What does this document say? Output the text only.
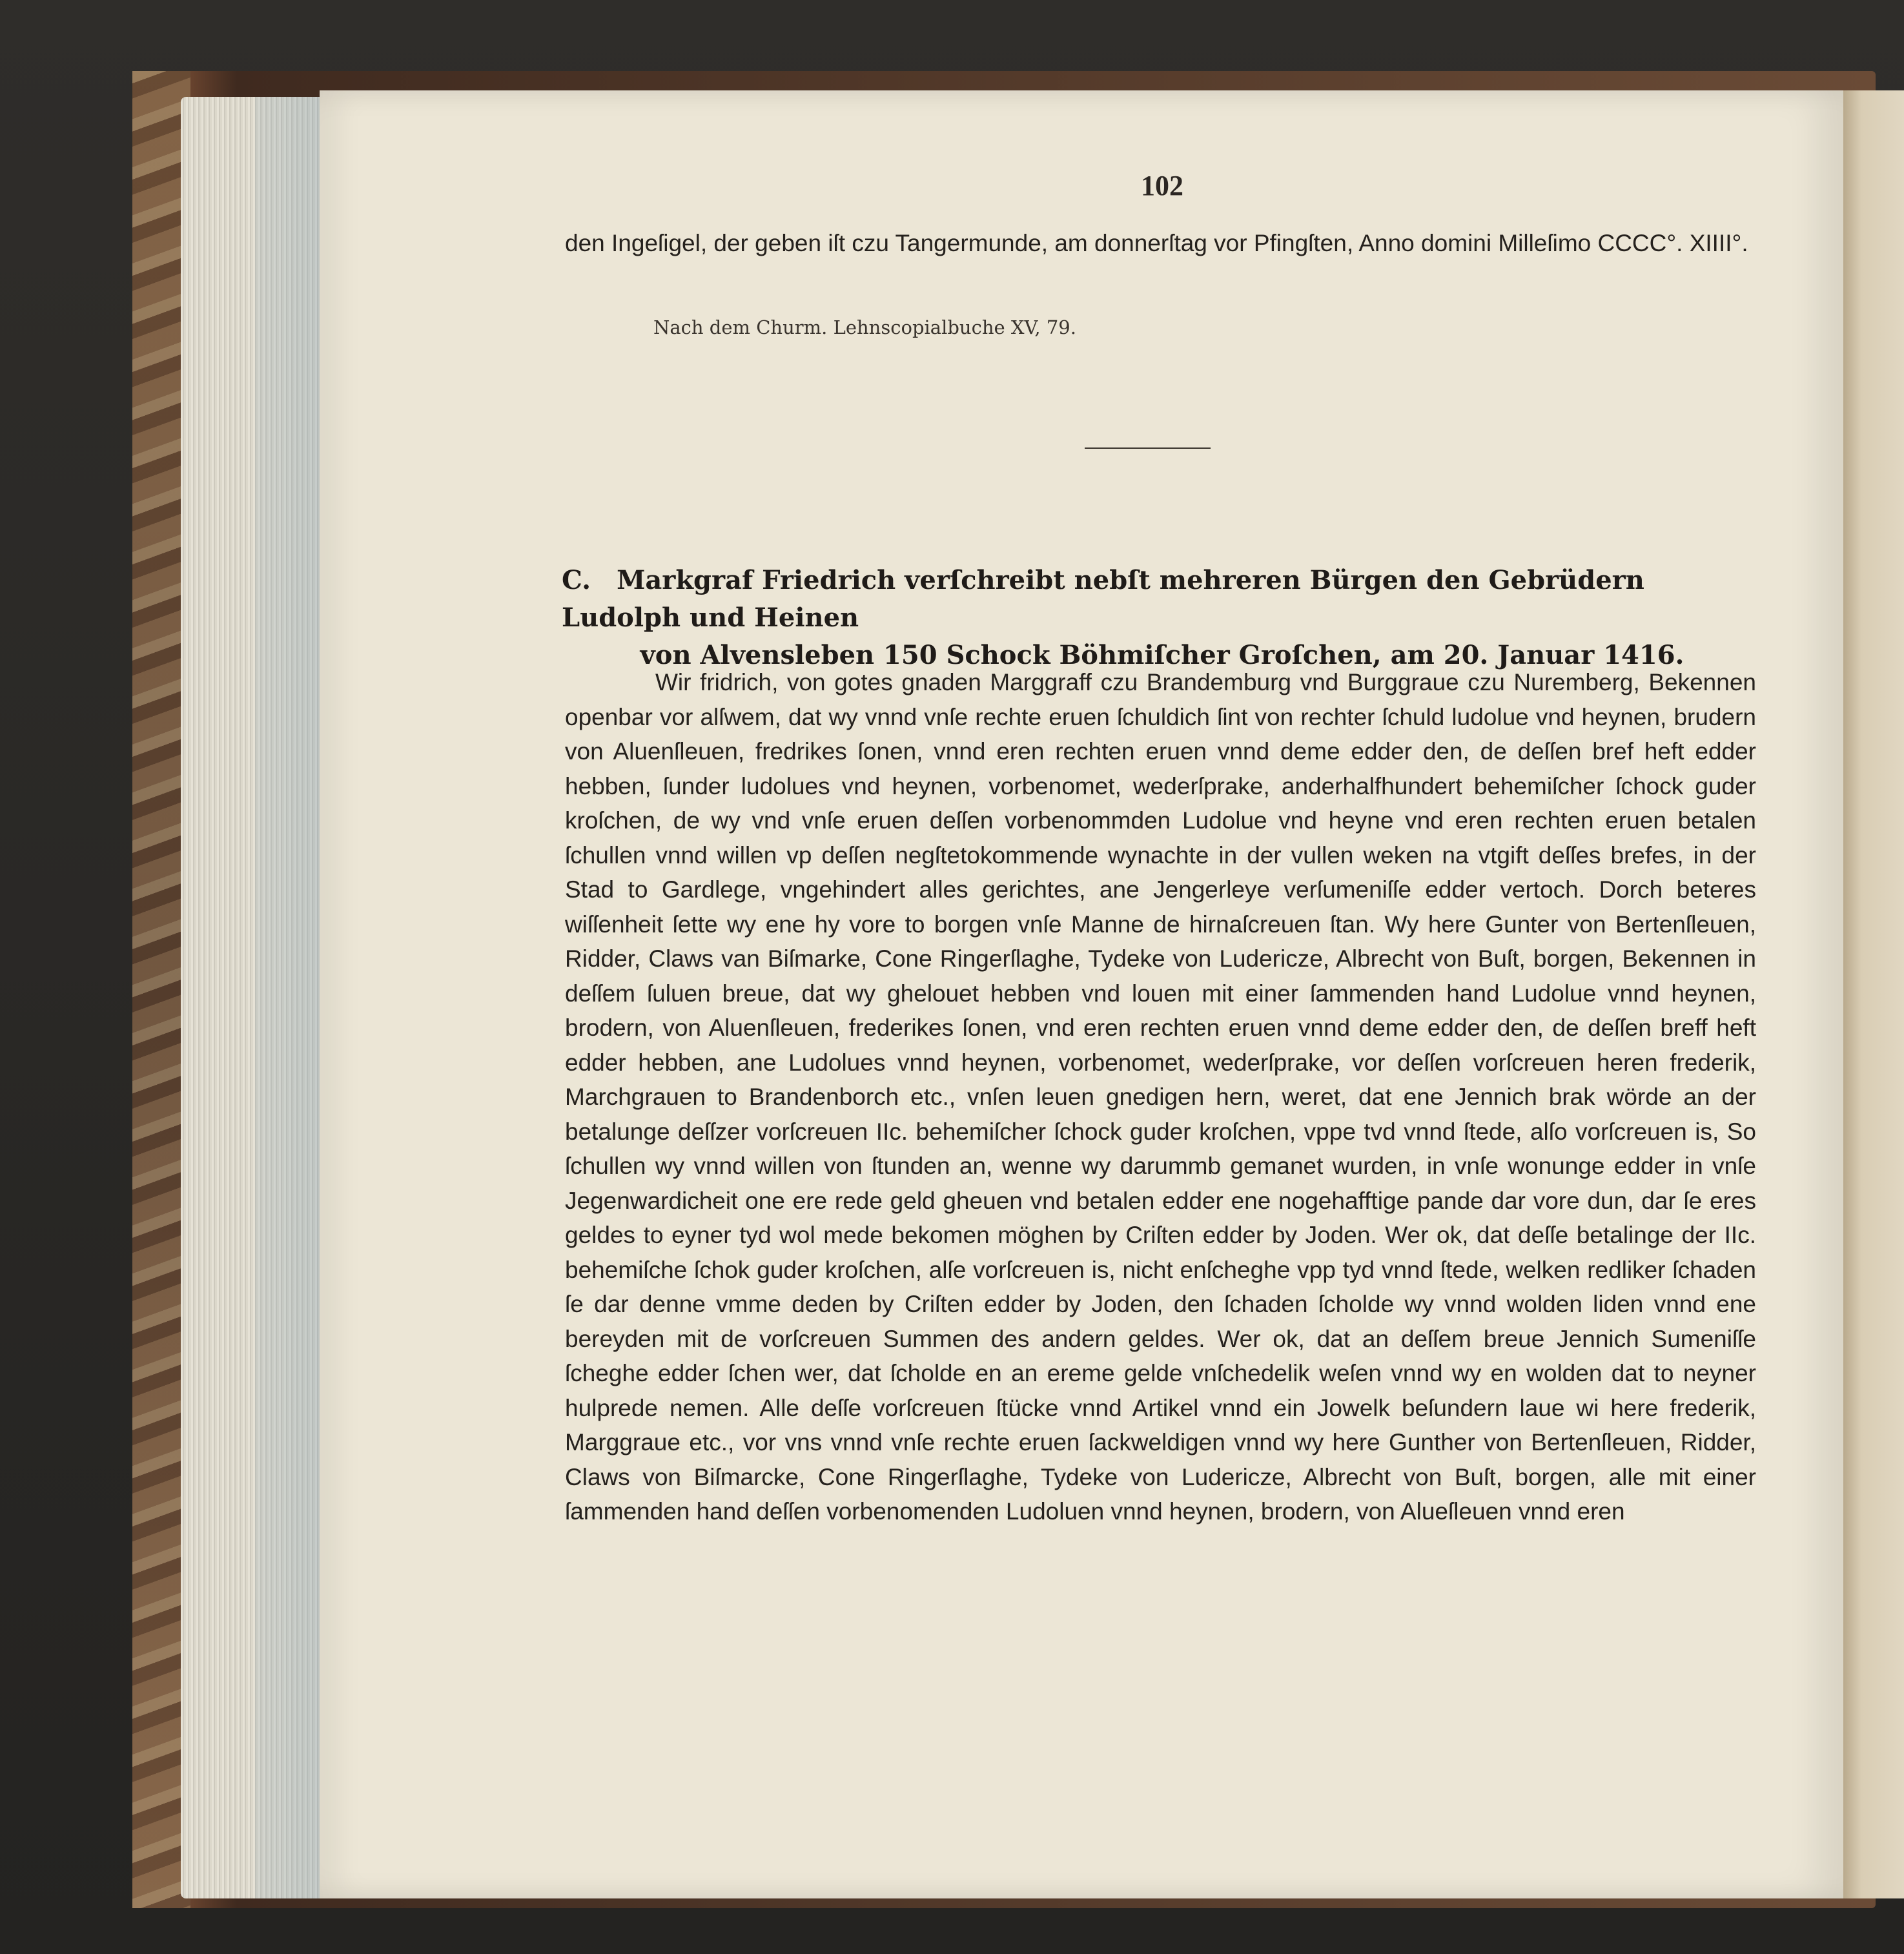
102
den Ingeſigel, der geben iſt czu Tangermunde, am donnerſtag vor Pfingſten, Anno domini Milleſimo CCCC°. XIIII°.
Nach dem Churm. Lehnscopialbuche XV, 79.
C. Markgraf Friedrich verſchreibt nebſt mehreren Bürgen den Gebrüdern Ludolph und Heinen
von Alvensleben 150 Schock Böhmiſcher Groſchen, am 20. Januar 1416.

Wir fridrich, von gotes gnaden Marggraff czu Brandemburg vnd Burggraue czu Nuremberg, Bekennen openbar vor alſwem, dat wy vnnd vnſe rechte eruen ſchuldich ſint von rechter ſchuld ludolue vnd heynen, brudern von Aluenſleuen, fredrikes ſonen, vnnd eren rechten eruen vnnd deme edder den, de deſſen bref heft edder hebben, ſunder ludolues vnd heynen, vorbenomet, wederſprake, anderhalfhundert behemiſcher ſchock guder kroſchen, de wy vnd vnſe eruen deſſen vorbenommden Ludolue vnd heyne vnd eren rechten eruen betalen ſchullen vnnd willen vp deſſen negſtetokommende wynachte in der vullen weken na vtgift deſſes brefes, in der Stad to Gardlege, vngehindert alles gerichtes, ane Jengerleye verſumeniſſe edder vertoch. Dorch beteres wiſſenheit ſette wy ene hy vore to borgen vnſe Manne de hirnaſcreuen ſtan. Wy here Gunter von Bertenſleuen, Ridder, Claws van Biſmarke, Cone Ringerſlaghe, Tydeke von Ludericze, Albrecht von Buſt, borgen, Bekennen in deſſem ſuluen breue, dat wy ghelouet hebben vnd louen mit einer ſammenden hand Ludolue vnnd heynen, brodern, von Aluenſleuen, frederikes ſonen, vnd eren rechten eruen vnnd deme edder den, de deſſen breff heft edder hebben, ane Ludolues vnnd heynen, vorbenomet, wederſprake, vor deſſen vorſcreuen heren frederik, Marchgrauen to Brandenborch etc., vnſen leuen gnedigen hern, weret, dat ene Jennich brak wörde an der betalunge deſſzer vorſcreuen IIc. behemiſcher ſchock guder kroſchen, vppe tvd vnnd ſtede, alſo vorſcreuen is, So ſchullen wy vnnd willen von ſtunden an, wenne wy darummb gemanet wurden, in vnſe wonunge edder in vnſe Jegenwardicheit one ere rede geld gheuen vnd betalen edder ene nogehafftige pande dar vore dun, dar ſe eres geldes to eyner tyd wol mede bekomen möghen by Criſten edder by Joden. Wer ok, dat deſſe betalinge der IIc. behemiſche ſchok guder kroſchen, alſe vorſcreuen is, nicht enſcheghe vpp tyd vnnd ſtede, welken redliker ſchaden ſe dar denne vmme deden by Criſten edder by Joden, den ſchaden ſcholde wy vnnd wolden liden vnnd ene bereyden mit de vorſcreuen Summen des andern geldes. Wer ok, dat an deſſem breue Jennich Sumeniſſe ſcheghe edder ſchen wer, dat ſcholde en an ereme gelde vnſchedelik weſen vnnd wy en wolden dat to neyner hulprede nemen. Alle deſſe vorſcreuen ſtücke vnnd Artikel vnnd ein Jowelk beſundern laue wi here frederik, Marggraue etc., vor vns vnnd vnſe rechte eruen ſackweldigen vnnd wy here Gunther von Bertenſleuen, Ridder, Claws von Biſmarcke, Cone Ringerſlaghe, Tydeke von Ludericze, Albrecht von Buſt, borgen, alle mit einer ſammenden hand deſſen vorbenomenden Ludoluen vnnd heynen, brodern, von Alueſleuen vnnd eren
